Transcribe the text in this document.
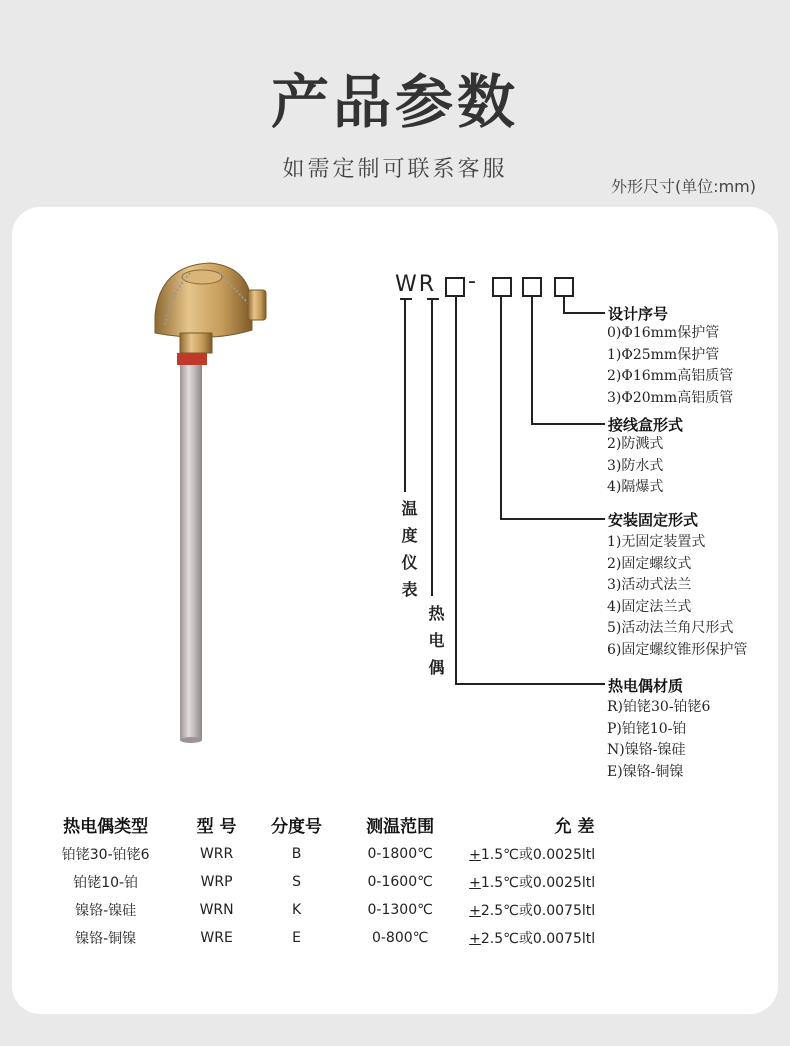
产品参数
如需定制可联系客服
外形尺寸(单位:mm)
WR -
温度仪表
热电偶
设计序号
0)Φ16mm保护管
1)Φ25mm保护管
2)Φ16mm高铝质管
3)Φ20mm高铝质管
接线盒形式
2)防溅式
3)防水式
4)隔爆式
安装固定形式
1)无固定装置式
2)固定螺纹式
3)活动式法兰
4)固定法兰式
5)活动法兰角尺形式
6)固定螺纹锥形保护管
热电偶材质
R)铂铑30-铂铑6
P)铂铑10-铂
N)镍铬-镍硅
E)镍铬-铜镍
热电偶类型	型 号	分度号	测温范围	允 差
铂铑30-铂铑6	WRR	B	0-1800℃	+1.5℃或0.0025ltl
铂铑10-铂	WRP	S	0-1600℃	+1.5℃或0.0025ltl
镍铬-镍硅	WRN	K	0-1300℃	+2.5℃或0.0075ltl
镍铬-铜镍	WRE	E	0-800℃	+2.5℃或0.0075ltl
